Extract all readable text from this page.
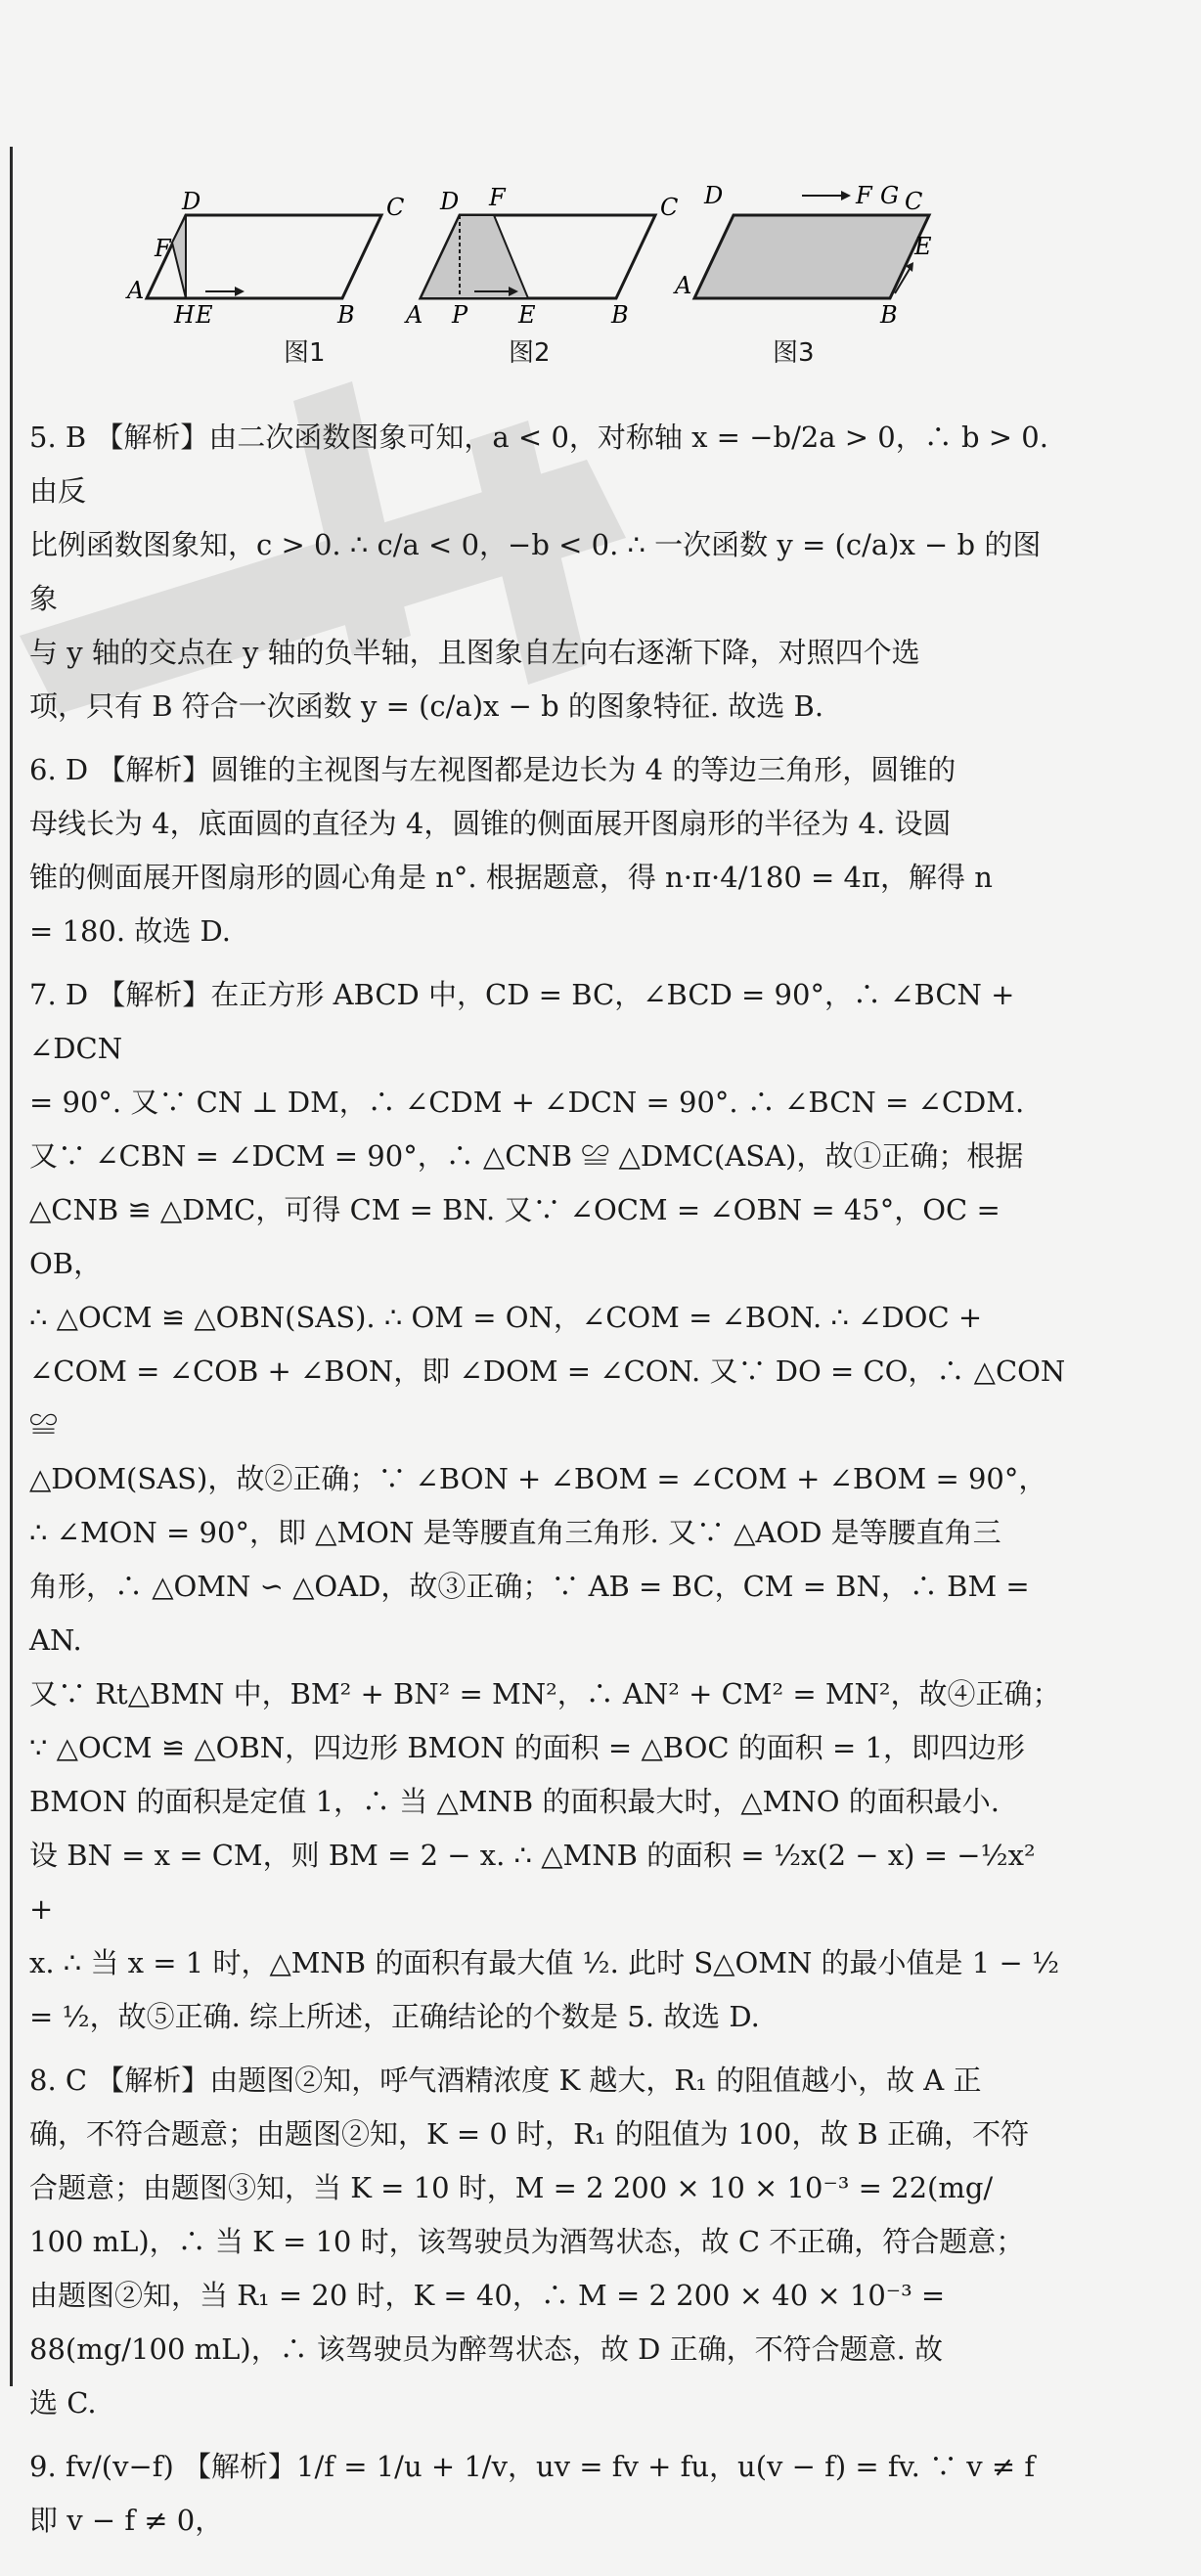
D	C
F
A
H E	B
D F	C
A P E	B
D	F G C
E
A
B
图1	图2	图3
5. B 【解析】由二次函数图象可知，a < 0，对称轴 x = −b/2a > 0，∴ b > 0. 由反
比例函数图象知，c > 0. ∴ c/a < 0，−b < 0. ∴ 一次函数 y = (c/a)x − b 的图象
与 y 轴的交点在 y 轴的负半轴，且图象自左向右逐渐下降，对照四个选
项，只有 B 符合一次函数 y = (c/a)x − b 的图象特征. 故选 B.
6. D 【解析】圆锥的主视图与左视图都是边长为 4 的等边三角形，圆锥的
母线长为 4，底面圆的直径为 4，圆锥的侧面展开图扇形的半径为 4. 设圆
锥的侧面展开图扇形的圆心角是 n°. 根据题意，得 n·π·4/180 = 4π，解得 n
= 180. 故选 D.
7. D 【解析】在正方形 ABCD 中，CD = BC，∠BCD = 90°，∴ ∠BCN + ∠DCN
= 90°. 又∵ CN ⊥ DM，∴ ∠CDM + ∠DCN = 90°. ∴ ∠BCN = ∠CDM.
又∵ ∠CBN = ∠DCM = 90°，∴ △CNB ≌ △DMC(ASA)，故①正确；根据
△CNB ≌ △DMC，可得 CM = BN. 又∵ ∠OCM = ∠OBN = 45°，OC = OB，
∴ △OCM ≌ △OBN(SAS). ∴ OM = ON，∠COM = ∠BON. ∴ ∠DOC +
∠COM = ∠COB + ∠BON，即 ∠DOM = ∠CON. 又∵ DO = CO，∴ △CON ≌
△DOM(SAS)，故②正确；∵ ∠BON + ∠BOM = ∠COM + ∠BOM = 90°，
∴ ∠MON = 90°，即 △MON 是等腰直角三角形. 又∵ △AOD 是等腰直角三
角形，∴ △OMN ∽ △OAD，故③正确；∵ AB = BC，CM = BN，∴ BM = AN.
又∵ Rt△BMN 中，BM² + BN² = MN²，∴ AN² + CM² = MN²，故④正确；
∵ △OCM ≌ △OBN，四边形 BMON 的面积 = △BOC 的面积 = 1，即四边形
BMON 的面积是定值 1，∴ 当 △MNB 的面积最大时，△MNO 的面积最小.
设 BN = x = CM，则 BM = 2 − x. ∴ △MNB 的面积 = ½x(2 − x) = −½x² +
x. ∴ 当 x = 1 时，△MNB 的面积有最大值 ½. 此时 S△OMN 的最小值是 1 − ½
= ½，故⑤正确. 综上所述，正确结论的个数是 5. 故选 D.
8. C 【解析】由题图②知，呼气酒精浓度 K 越大，R₁ 的阻值越小，故 A 正
确，不符合题意；由题图②知，K = 0 时，R₁ 的阻值为 100，故 B 正确，不符
合题意；由题图③知，当 K = 10 时，M = 2 200 × 10 × 10⁻³ = 22(mg/
100 mL)，∴ 当 K = 10 时，该驾驶员为酒驾状态，故 C 不正确，符合题意；
由题图②知，当 R₁ = 20 时，K = 40，∴ M = 2 200 × 40 × 10⁻³ =
88(mg/100 mL)，∴ 该驾驶员为醉驾状态，故 D 正确，不符合题意. 故
选 C.
9. fv/(v−f) 【解析】1/f = 1/u + 1/v，uv = fv + fu，u(v − f) = fv. ∵ v ≠ f 即 v − f ≠ 0，
